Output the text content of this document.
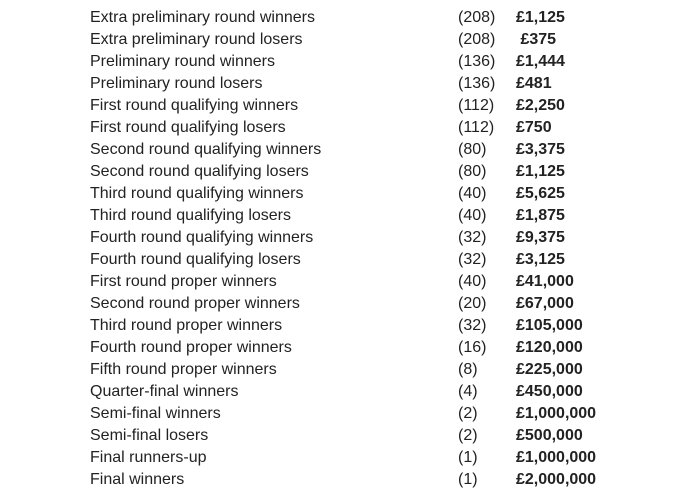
Extra preliminary round winners	(208)	£1,125
Extra preliminary round losers	(208)	£375
Preliminary round winners	(136)	£1,444
Preliminary round losers	(136)	£481
First round qualifying winners	(112)	£2,250
First round qualifying losers	(112)	£750
Second round qualifying winners	(80)	£3,375
Second round qualifying losers	(80)	£1,125
Third round qualifying winners	(40)	£5,625
Third round qualifying losers	(40)	£1,875
Fourth round qualifying winners	(32)	£9,375
Fourth round qualifying losers	(32)	£3,125
First round proper winners	(40)	£41,000
Second round proper winners	(20)	£67,000
Third round proper winners	(32)	£105,000
Fourth round proper winners	(16)	£120,000
Fifth round proper winners	(8)	£225,000
Quarter-final winners	(4)	£450,000
Semi-final winners	(2)	£1,000,000
Semi-final losers	(2)	£500,000
Final runners-up	(1)	£1,000,000
Final winners	(1)	£2,000,000
